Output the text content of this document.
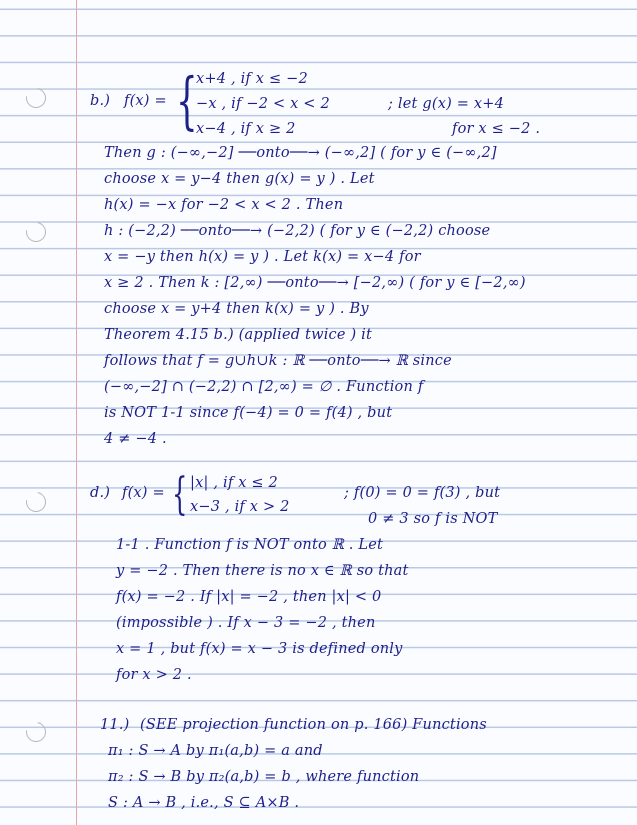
b.) f(x) = {
x+4 , if x ≤ −2
−x , if −2 < x < 2
x−4 , if x ≥ 2
; let g(x) = x+4
for x ≤ −2 .
Then g : (−∞,−2] ──onto──→ (−∞,2] ( for y ∈ (−∞,2]
choose x = y−4 then g(x) = y ) . Let
h(x) = −x for −2 < x < 2 . Then
h : (−2,2) ──onto──→ (−2,2) ( for y ∈ (−2,2) choose
x = −y then h(x) = y ) . Let k(x) = x−4 for
x ≥ 2 . Then k : [2,∞) ──onto──→ [−2,∞) ( for y ∈ [−2,∞)
choose x = y+4 then k(x) = y ) . By
Theorem 4.15 b.) (applied twice ) it
follows that f = g∪h∪k : ℝ ──onto──→ ℝ since
(−∞,−2] ∩ (−2,2) ∩ [2,∞) = ∅ . Function f
is NOT 1-1 since f(−4) = 0 = f(4) , but
4 ≠ −4 .
d.) f(x) = { |x| , if x ≤ 2
x−3 , if x > 2
; f(0) = 0 = f(3) , but
0 ≠ 3 so f is NOT
1-1 . Function f is NOT onto ℝ . Let
y = −2 . Then there is no x ∈ ℝ so that
f(x) = −2 . If |x| = −2 , then |x| < 0
(impossible ) . If x − 3 = −2 , then
x = 1 , but f(x) = x − 3 is defined only
for x > 2 .
11.) (SEE projection function on p. 166) Functions
π₁ : S → A by π₁(a,b) = a and
π₂ : S → B by π₂(a,b) = b , where function
S : A → B , i.e., S ⊆ A×B .
